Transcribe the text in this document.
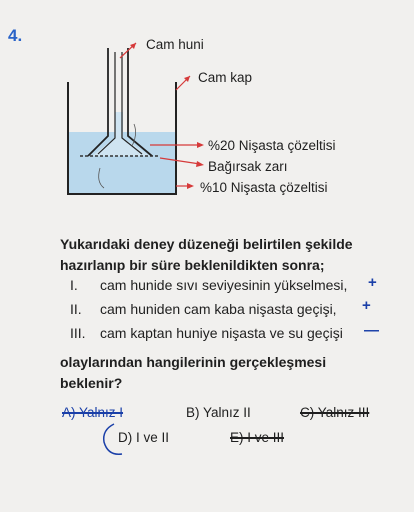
4.	Cam huni
Cam kap
%20 Nişasta çözeltisi
Bağırsak zarı
%10 Nişasta çözeltisi
Yukarıdaki deney düzeneği belirtilen şekilde hazırlanıp bir süre beklenildikten sonra;
I. cam hunide sıvı seviyesinin yükselmesi, +
II. cam huniden cam kaba nişasta geçişi, +
III. cam kaptan huniye nişasta ve su geçişi —
olaylarından hangilerinin gerçekleşmesi beklenir?
A) Yalnız I	B) Yalnız II	C) Yalnız III
D) I ve II	E) I ve III
